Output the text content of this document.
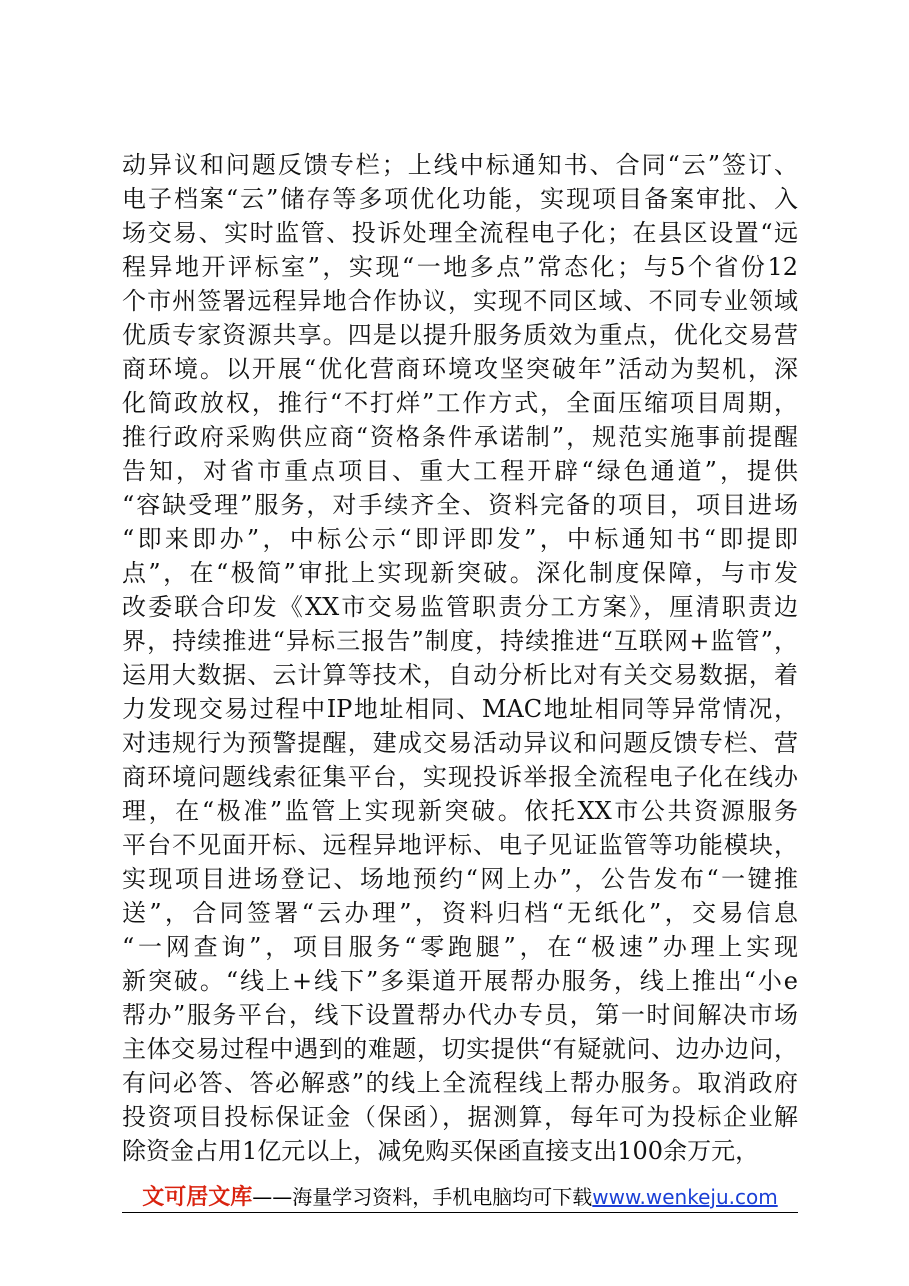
动异议和问题反馈专栏；上线中标通知书、合同“云”签订、
电子档案“云”储存等多项优化功能，实现项目备案审批、入
场交易、实时监管、投诉处理全流程电子化；在县区设置“远
程异地开评标室”，实现“一地多点”常态化；与5个省份12
个市州签署远程异地合作协议，实现不同区域、不同专业领域
优质专家资源共享。四是以提升服务质效为重点，优化交易营
商环境。以开展“优化营商环境攻坚突破年”活动为契机，深
化简政放权，推行“不打烊”工作方式，全面压缩项目周期，
推行政府采购供应商“资格条件承诺制”，规范实施事前提醒
告知，对省市重点项目、重大工程开辟“绿色通道”，提供
“容缺受理”服务，对手续齐全、资料完备的项目，项目进场
“即来即办”，中标公示“即评即发”，中标通知书“即提即
点”，在“极简”审批上实现新突破。深化制度保障，与市发
改委联合印发《XX市交易监管职责分工方案》，厘清职责边
界，持续推进“异标三报告”制度，持续推进“互联网+监管”，
运用大数据、云计算等技术，自动分析比对有关交易数据，着
力发现交易过程中IP地址相同、MAC地址相同等异常情况，
对违规行为预警提醒，建成交易活动异议和问题反馈专栏、营
商环境问题线索征集平台，实现投诉举报全流程电子化在线办
理，在“极准”监管上实现新突破。依托XX市公共资源服务
平台不见面开标、远程异地评标、电子见证监管等功能模块，
实现项目进场登记、场地预约“网上办”，公告发布“一键推
送”，合同签署“云办理”，资料归档“无纸化”，交易信息
“一网查询”，项目服务“零跑腿”，在“极速”办理上实现
新突破。“线上+线下”多渠道开展帮办服务，线上推出“小e
帮办”服务平台，线下设置帮办代办专员，第一时间解决市场
主体交易过程中遇到的难题，切实提供“有疑就问、边办边问，
有问必答、答必解惑”的线上全流程线上帮办服务。取消政府
投资项目投标保证金（保函），据测算，每年可为投标企业解
除资金占用1亿元以上，减免购买保函直接支出100余万元，
文可居文库——海量学习资料，手机电脑均可下载www.wenkeju.com
